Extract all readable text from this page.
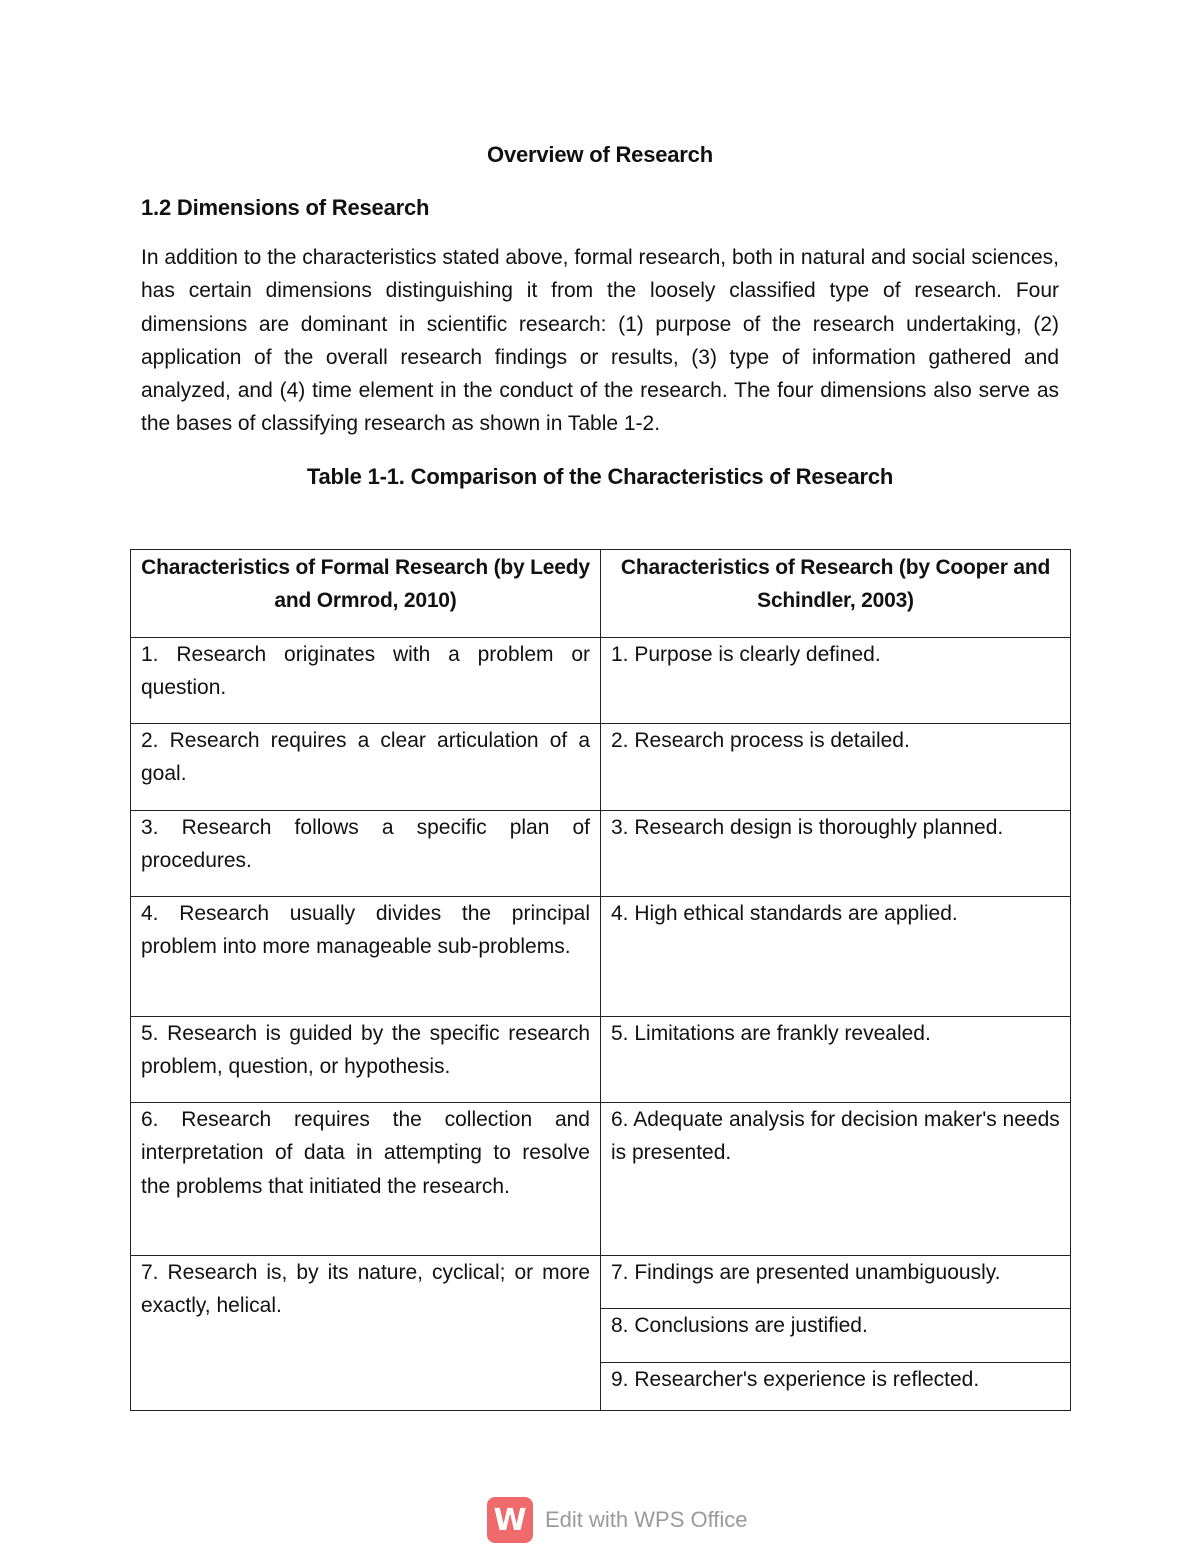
Overview of Research
1.2 Dimensions of Research

In addition to the characteristics stated above, formal research, both in natural and social sciences, has certain dimensions distinguishing it from the loosely classified type of research. Four dimensions are dominant in scientific research: (1) purpose of the research undertaking, (2) application of the overall research findings or results, (3) type of information gathered and analyzed, and (4) time element in the conduct of the research. The four dimensions also serve as the bases of classifying research as shown in Table 1-2.

Table 1-1. Comparison of the Characteristics of Research
Characteristics of Formal Research (by Leedy and Ormrod, 2010)	Characteristics of Research (by Cooper and Schindler, 2003)
1. Research originates with a problem or question.	1. Purpose is clearly defined.
2. Research requires a clear articulation of a goal.	2. Research process is detailed.
3. Research follows a specific plan of procedures.	3. Research design is thoroughly planned.
4. Research usually divides the principal problem into more manageable sub-problems.	4. High ethical standards are applied.
5. Research is guided by the specific research problem, question, or hypothesis.	5. Limitations are frankly revealed.
6. Research requires the collection and interpretation of data in attempting to resolve the problems that initiated the research.	6. Adequate analysis for decision maker's needs is presented.
7. Research is, by its nature, cyclical; or more exactly, helical.	7. Findings are presented unambiguously.
	8. Conclusions are justified.
	9. Researcher's experience is reflected.
W Edit with WPS Office
